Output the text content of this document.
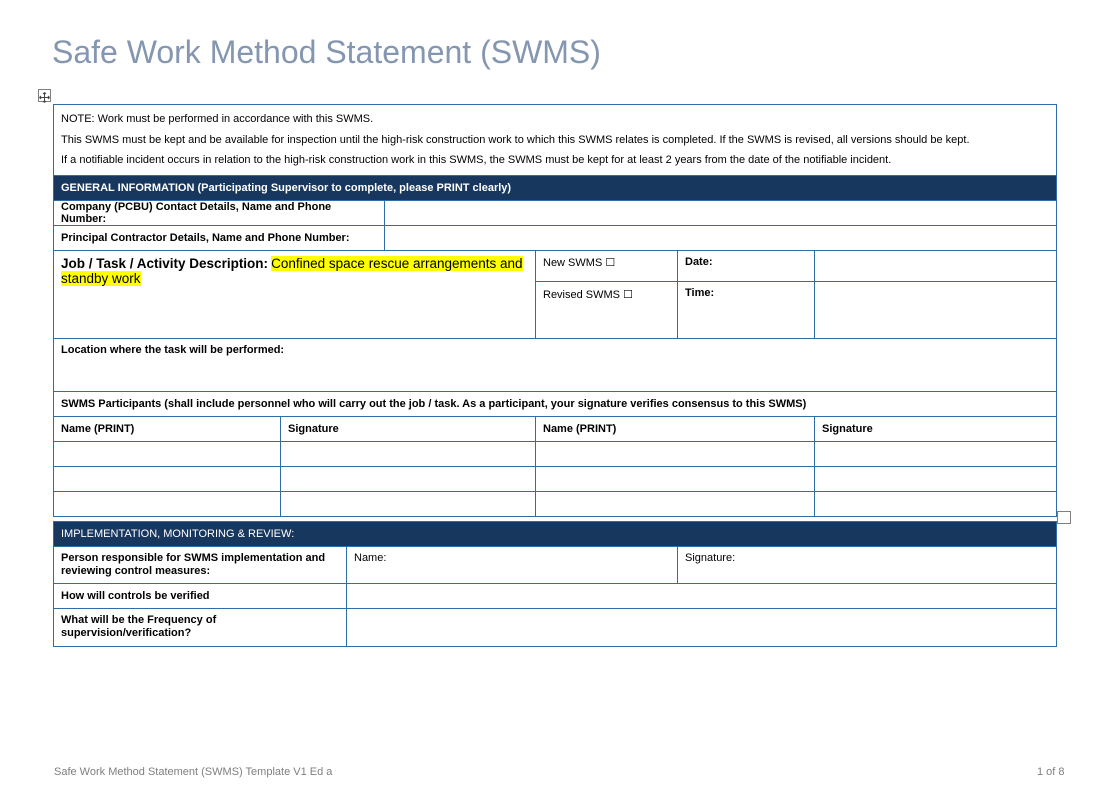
Safe Work Method Statement (SWMS)

NOTE: Work must be performed in accordance with this SWMS.

This SWMS must be kept and be available for inspection until the high-risk construction work to which this SWMS relates is completed. If the SWMS is revised, all versions should be kept.

If a notifiable incident occurs in relation to the high-risk construction work in this SWMS, the SWMS must be kept for at least 2 years from the date of the notifiable incident.					

GENERAL INFORMATION (Participating Supervisor to complete, please PRINT clearly)					
Company (PCBU) Contact Details, Name and Phone Number:					
Principal Contractor Details, Name and Phone Number:					
Job / Task / Activity Description: Confined space rescue arrangements and standby work			New SWMS ☐	Date:	
			Revised SWMS ☐	Time:	
Location where the task will be performed:					
SWMS Participants (shall include personnel who will carry out the job / task. As a participant, your signature verifies consensus to this SWMS)					
Name (PRINT)	Signature		Name (PRINT)		Signature

IMPLEMENTATION, MONITORING & REVIEW:		
Person responsible for SWMS implementation and reviewing control measures:	Name:	Signature:
How will controls be verified		
What will be the Frequency of supervision/verification?		
Safe Work Method Statement (SWMS) Template V1 Ed a	1 of 8
